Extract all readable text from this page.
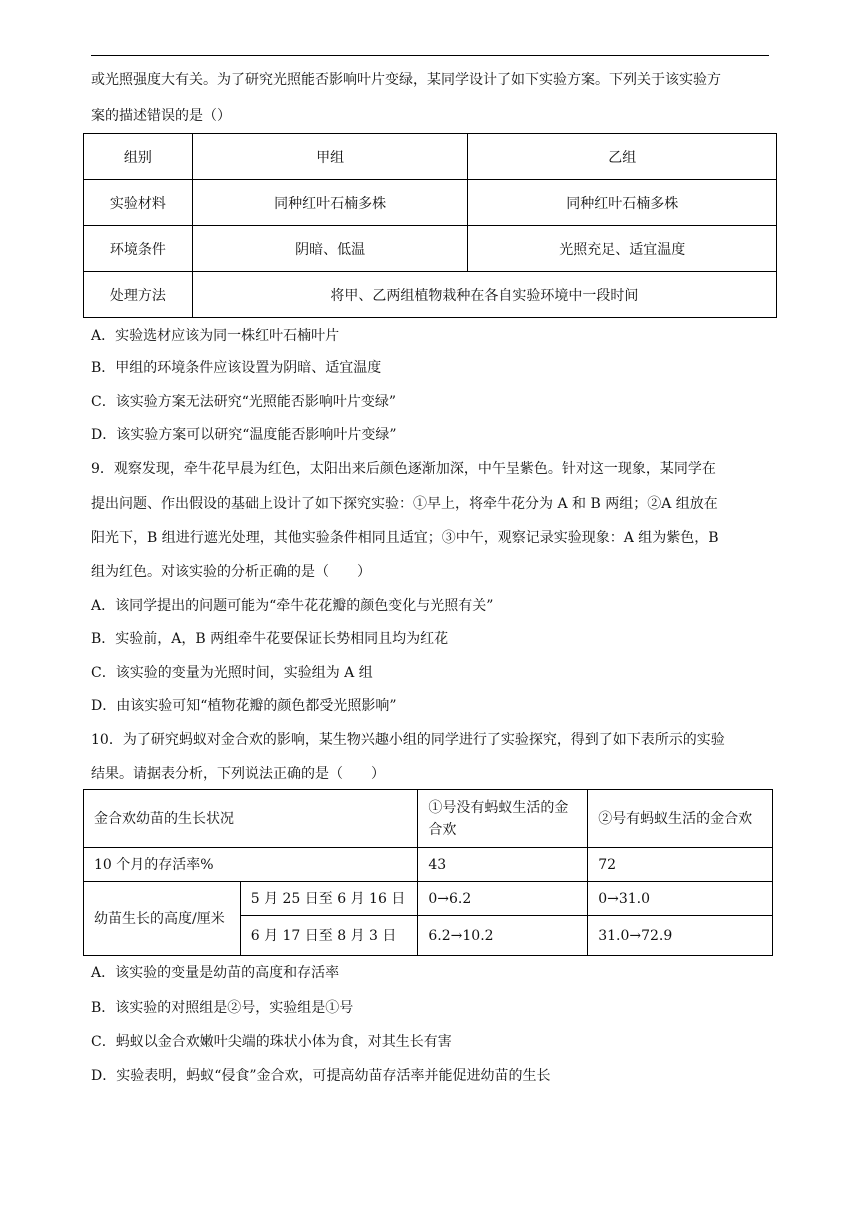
或光照强度大有关。为了研究光照能否影响叶片变绿，某同学设计了如下实验方案。下列关于该实验方
案的描述错误的是（）
组别	甲组	乙组
实验材料	同种红叶石楠多株	同种红叶石楠多株
环境条件	阴暗、低温	光照充足、适宜温度
处理方法	将甲、乙两组植物栽种在各自实验环境中一段时间	
A．实验选材应该为同一株红叶石楠叶片
B．甲组的环境条件应该设置为阴暗、适宜温度
C．该实验方案无法研究“光照能否影响叶片变绿”
D．该实验方案可以研究“温度能否影响叶片变绿”
9．观察发现，牵牛花早晨为红色，太阳出来后颜色逐渐加深，中午呈紫色。针对这一现象，某同学在
提出问题、作出假设的基础上设计了如下探究实验：①早上，将牵牛花分为 A 和 B 两组；②A 组放在
阳光下，B 组进行遮光处理，其他实验条件相同且适宜；③中午，观察记录实验现象：A 组为紫色，B
组为红色。对该实验的分析正确的是（　　）
A．该同学提出的问题可能为“牵牛花花瓣的颜色变化与光照有关”
B．实验前，A，B 两组牵牛花要保证长势相同且均为红花
C．该实验的变量为光照时间，实验组为 A 组
D．由该实验可知“植物花瓣的颜色都受光照影响”
10．为了研究蚂蚁对金合欢的影响，某生物兴趣小组的同学进行了实验探究，得到了如下表所示的实验
结果。请据表分析，下列说法正确的是（　　）
金合欢幼苗的生长状况		①号没有蚂蚁生活的金合欢	②号有蚂蚁生活的金合欢
10 个月的存活率%		43	72
幼苗生长的高度/厘米	5 月 25 日至 6 月 16 日	0→6.2	0→31.0
	6 月 17 日至 8 月 3 日	6.2→10.2	31.0→72.9
A．该实验的变量是幼苗的高度和存活率
B．该实验的对照组是②号，实验组是①号
C．蚂蚁以金合欢嫩叶尖端的珠状小体为食，对其生长有害
D．实验表明，蚂蚁“侵食”金合欢，可提高幼苗存活率并能促进幼苗的生长
